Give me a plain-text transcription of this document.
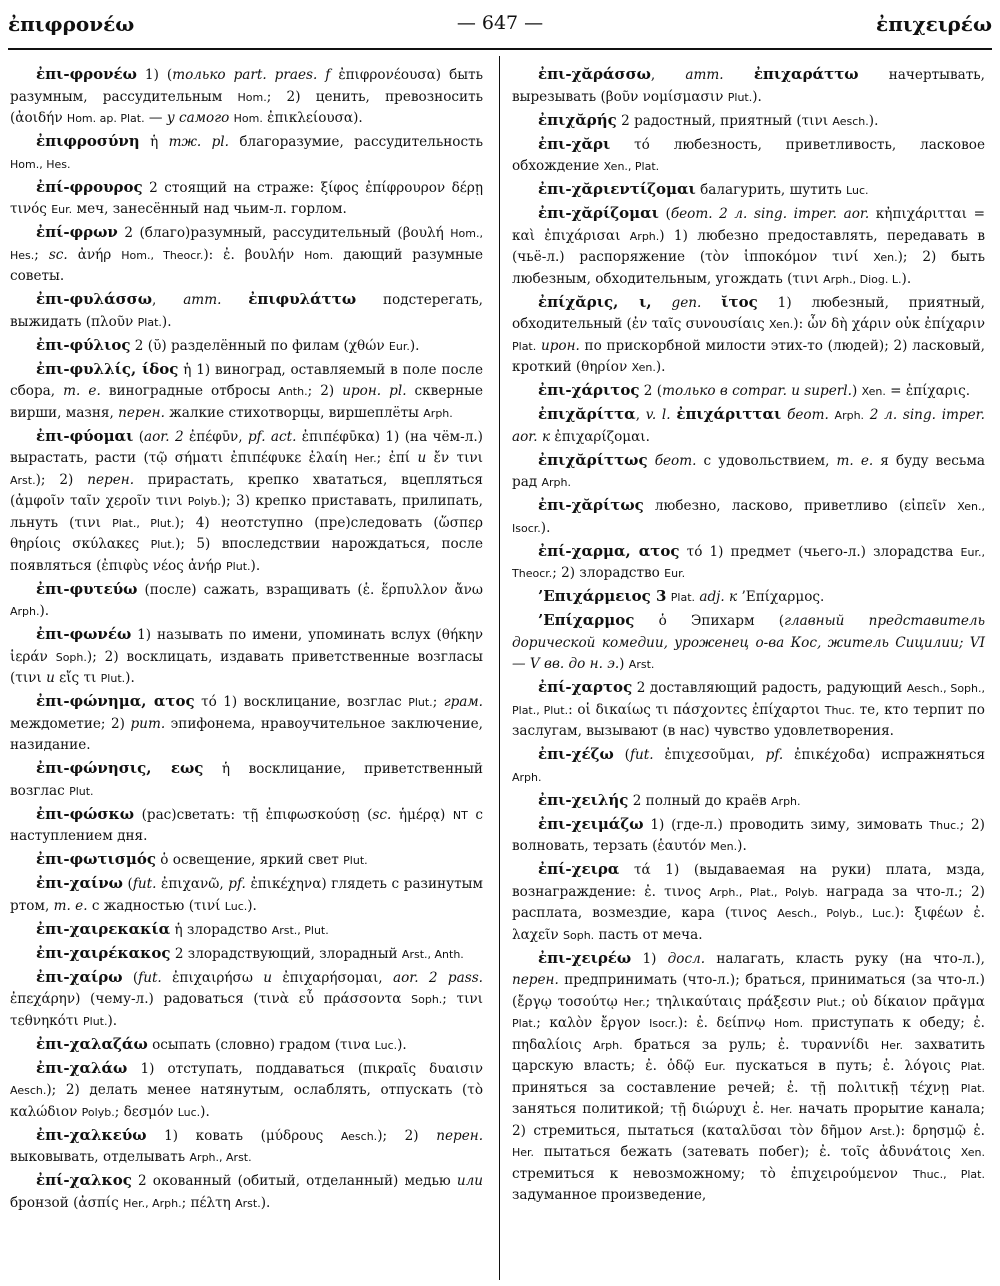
ἐπιφρονέω	— 647 —	ἐπιχειρέω

ἐπι-φρονέω 1) (только part. praes. f ἐπιφρονέουσα) быть разумным, рассудительным Hom.; 2) ценить, превозносить (ἀοιδήν Hom. ap. Plat. — у самого Hom. ἐπικλείουσα).

ἐπιφροσύνη ἡ тж. pl. благоразумие, рассудительность Hom., Hes.

ἐπί-φρουρος 2 стоящий на страже: ξίφος ἐπίφρουρον δέρῃ τινός Eur. меч, занесённый над чьим-л. горлом.

ἐπί-φρων 2 (благо)разумный, рассудительный (βουλή Hom., Hes.; sc. ἀνήρ Hom., Theocr.): ἐ. βουλήν Hom. дающий разумные советы.

ἐπι-φυλάσσω, атт. ἐπιφυλάττω подстерегать, выжидать (πλοῦν Plat.).

ἐπι-φύλιος 2 (ῠ) разделённый по филам (χθών Eur.).

ἐπι-φυλλίς, ίδος ἡ 1) виноград, оставляемый в поле после сбора, т. е. виноградные отбросы Anth.; 2) ирон. pl. скверные вирши, мазня, перен. жалкие стихотворцы, виршеплёты Arph.

ἐπι-φύομαι (aor. 2 ἐπέφῡν, pf. act. ἐπιπέφῡκα) 1) (на чём-л.) вырастать, расти (τῷ σήματι ἐπιπέφυκε ἐλαίη Her.; ἐπί и ἔν τινι Arst.); 2) перен. прирастать, крепко хвататься, вцепляться (ἀμφοῖν ταῖν χεροῖν τινι Polyb.); 3) крепко приставать, прилипать, льнуть (τινι Plat., Plut.); 4) неотступно (пре)следовать (ὥσπερ θηρίοις σκύλακες Plut.); 5) впоследствии нарождаться, после появляться (ἐπιφὺς νέος ἀνήρ Plut.).

ἐπι-φυτεύω (после) сажать, взращивать (ἑ. ἕρπυλλον ἄνω Arph.).

ἐπι-φωνέω 1) называть по имени, упоминать вслух (θήκην ἱεράν Soph.); 2) восклицать, издавать приветственные возгласы (τινι и εἴς τι Plut.).

ἐπι-φώνημα, ατος τό 1) восклицание, возглас Plut.; грам. междометие; 2) рит. эпифонема, нравоучительное заключение, назидание.

ἐπι-φώνησις, εως ἡ восклицание, приветственный возглас Plut.

ἐπι-φώσκω (рас)светать: τῇ ἐπιφωσκούσῃ (sc. ἡμέρᾳ) NT с наступлением дня.

ἐπι-φωτισμός ὁ освещение, яркий свет Plut.

ἐπι-χαίνω (fut. ἐπιχανῶ, pf. ἐπικέχηνα) глядеть с разинутым ртом, т. е. с жадностью (τινί Luc.).

ἐπι-χαιρεκακία ἡ злорадство Arst., Plut.

ἐπι-χαιρέκακος 2 злорадствующий, злорадный Arst., Anth.

ἐπι-χαίρω (fut. ἐπιχαιρήσω и ἐπιχαρήσομαι, aor. 2 pass. ἐπεχάρην) (чему-л.) радоваться (τινὰ εὖ πράσσοντα Soph.; τινι τεθνηκότι Plut.).

ἐπι-χαλαζάω осыпать (словно) градом (τινα Luc.).

ἐπι-χαλάω 1) отступать, поддаваться (πικραῖς δυαισιν Aesch.); 2) делать менее натянутым, ослаблять, отпускать (τὸ καλώδιον Polyb.; δεσμόν Luc.).

ἐπι-χαλκεύω 1) ковать (μύδρους Aesch.); 2) перен. выковывать, отделывать Arph., Arst.

ἐπί-χαλκος 2 окованный (обитый, отделанный) медью или бронзой (ἀσπίς Her., Arph.; πέλτη Arst.).

ἐπι-χᾰράσσω, атт. ἐπιχαράττω начертывать, вырезывать (βοῦν νομίσμασιν Plut.).

ἐπιχᾰρής 2 радостный, приятный (τινι Aesch.).

ἐπι-χᾰρι τό любезность, приветливость, ласковое обхождение Xen., Plat.

ἐπι-χᾰριεντίζομαι балагурить, шутить Luc.

ἐπι-χᾰρίζομαι (беот. 2 л. sing. imper. aor. κἠπιχάριτται = καὶ ἐπιχάρισαι Arph.) 1) любезно предоставлять, передавать в (чьё-л.) распоряжение (τὸν ἱπποκόμον τινί Xen.); 2) быть любезным, обходительным, угождать (τινι Arph., Diog. L.).

ἐπίχᾰρις, ι, gen. ῐτος 1) любезный, приятный, обходительный (ἐν ταῖς συνουσίαις Xen.): ὧν δὴ χάριν οὐκ ἐπίχαριν Plat. ирон. по прискорбной милости этих-то (людей); 2) ласковый, кроткий (θηρίον Xen.).

ἐπι-χάριτος 2 (только в compar. и superl.) Xen. = ἐπίχαρις.

ἐπιχᾰρίττα, v. l. ἐπιχάριτται беот. Arph. 2 л. sing. imper. aor. к ἐπιχαρίζομαι.

ἐπιχᾰρίττως беот. с удовольствием, т. е. я буду весьма рад Arph.

ἐπι-χᾰρίτως любезно, ласково, приветливо (εἰπεῖν Xen., Isocr.).

ἐπί-χαρμα, ατος τό 1) предмет (чьего-л.) злорадства Eur., Theocr.; 2) злорадство Eur.

’Επιχάρμειος 3 Plat. adj. к ’Επίχαρμος.

’Επίχαρμος ὁ Эпихарм (главный представитель дорической комедии, уроженец о-ва Кос, житель Сицилии; VI — V вв. до н. э.) Arst.

ἐπί-χαρτος 2 доставляющий радость, радующий Aesch., Soph., Plat., Plut.: οἱ δικαίως τι πάσχοντες ἐπίχαρτοι Thuc. те, кто терпит по заслугам, вызывают (в нас) чувство удовлетворения.

ἐπι-χέζω (fut. ἐπιχεσοῦμαι, pf. ἐπικέχοδα) испражняться Arph.

ἐπι-χειλής 2 полный до краёв Arph.

ἐπι-χειμάζω 1) (где-л.) проводить зиму, зимовать Thuc.; 2) волновать, терзать (ἑαυτόν Men.).

ἐπί-χειρα τά 1) (выдаваемая на руки) плата, мзда, вознаграждение: ἐ. τινος Arph., Plat., Polyb. награда за что-л.; 2) расплата, возмездие, кара (τινος Aesch., Polyb., Luc.): ξιφέων ἐ. λαχεῖν Soph. пасть от меча.

ἐπι-χειρέω 1) досл. налагать, класть руку (на что-л.), перен. предпринимать (что-л.); браться, приниматься (за что-л.) (ἔργῳ τοσούτῳ Her.; τηλικαύταις πράξεσιν Plut.; οὐ δίκαιον πρᾶγμα Plat.; καλὸν ἔργον Isocr.): ἐ. δείπνῳ Hom. приступать к обеду; ἐ. πηδαλίοις Arph. браться за руль; ἐ. τυραννίδι Her. захватить царскую власть; ἐ. ὁδῷ Eur. пускаться в путь; ἐ. λόγοις Plat. приняться за составление речей; ἐ. τῇ πολιτικῇ τέχνῃ Plat. заняться политикой; τῇ διώρυχι ἐ. Her. начать прорытие канала; 2) стремиться, пытаться (καταλῦσαι τὸν δῆμον Arst.): δρησμῷ ἐ. Her. пытаться бежать (затевать побег); ἐ. τοῖς ἀδυνάτοις Xen. стремиться к невозможному; τὸ ἐπιχειρούμενον Thuc., Plat. задуманное произведение,
